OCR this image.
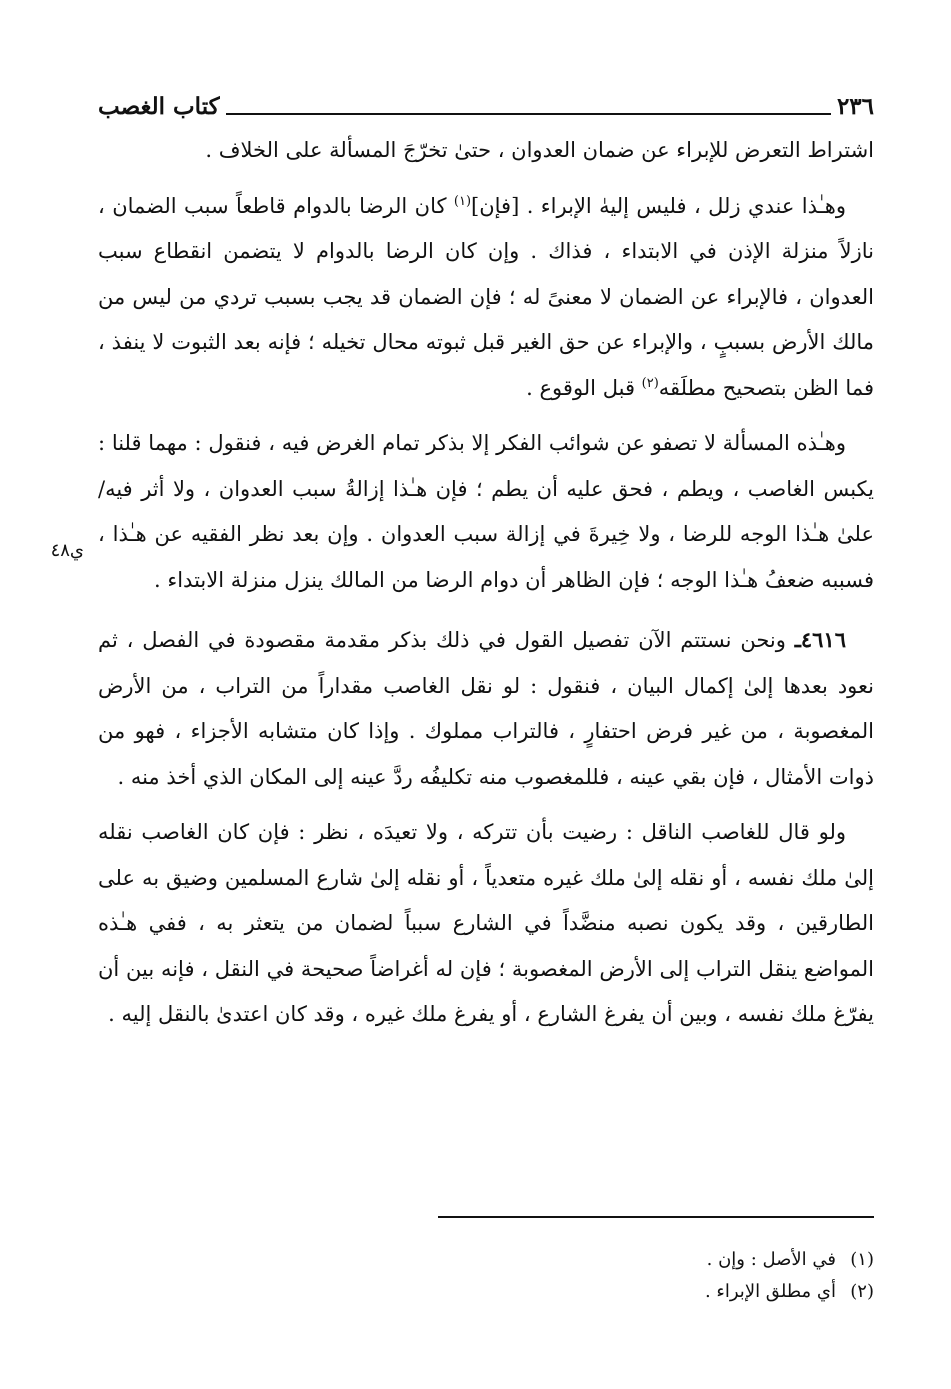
٢٣٦
كتاب الغصب

اشتراط التعرض للإبراء عن ضمان العدوان ، حتىٰ تخرّجَ المسألة على الخلاف .

وهـٰذا عندي زلل ، فليس إليهٰ الإبراء . [فإن]$^{(١)}$ كان الرضا بالدوام قاطعاً سبب الضمان ، نازلاً منزلة الإذن في الابتداء ، فذاك . وإن كان الرضا بالدوام لا يتضمن انقطاع سبب العدوان ، فالإبراء عن الضمان لا معنىً له ؛ فإن الضمان قد يجب بسبب تردي من ليس من مالك الأرض بسببٍ ، والإبراء عن حق الغير قبل ثبوته محال تخيله ؛ فإنه بعد الثبوت لا ينفذ ، فما الظن بتصحيح مطلَقه$^{(٢)}$ قبل الوقوع .

وهـٰذه المسألة لا تصفو عن شوائب الفكر إلا بذكر تمام الغرض فيه ، فنقول : مهما قلنا : يكبس الغاصب ، ويطم ، فحق عليه أن يطم ؛ فإن هـٰذا إزالةُ سبب العدوان ، ولا أثر فيه/ علىٰ هـٰذا الوجه للرضا ، ولا خِيرةَ في إزالة سبب العدوان . وإن بعد نظر الفقيه عن هـٰذا ، فسببه ضعفُ هـٰذا الوجه ؛ فإن الظاهر أن دوام الرضا من المالك ينزل منزلة الابتداء .

٤٦١٦ـ ونحن نستتم الآن تفصيل القول في ذلك بذكر مقدمة مقصودة في الفصل ، ثم نعود بعدها إلىٰ إكمال البيان ، فنقول : لو نقل الغاصب مقداراً من التراب ، من الأرض المغصوبة ، من غير فرض احتفارٍ ، فالتراب مملوك . وإذا كان متشابه الأجزاء ، فهو من ذوات الأمثال ، فإن بقي عينه ، فللمغصوب منه تكليفُه ردَّ عينه إلى المكان الذي أخذ منه .

ولو قال للغاصب الناقل : رضيت بأن تتركه ، ولا تعيدَه ، نظر : فإن كان الغاصب نقله إلىٰ ملك نفسه ، أو نقله إلىٰ ملك غيره متعدياً ، أو نقله إلىٰ شارع المسلمين وضيق به على الطارقين ، وقد يكون نصبه منضَّداً في الشارع سبباً لضمان من يتعثر به ، ففي هـٰذه المواضع ينقل التراب إلى الأرض المغصوبة ؛ فإن له أغراضاً صحيحة في النقل ، فإنه بين أن يفرّغ ملك نفسه ، وبين أن يفرغ الشارع ، أو يفرغ ملك غيره ، وقد كان اعتدىٰ بالنقل إليه .

ي٤٨
(١)
في الأصل : وإن .
(٢)
أي مطلق الإبراء .
